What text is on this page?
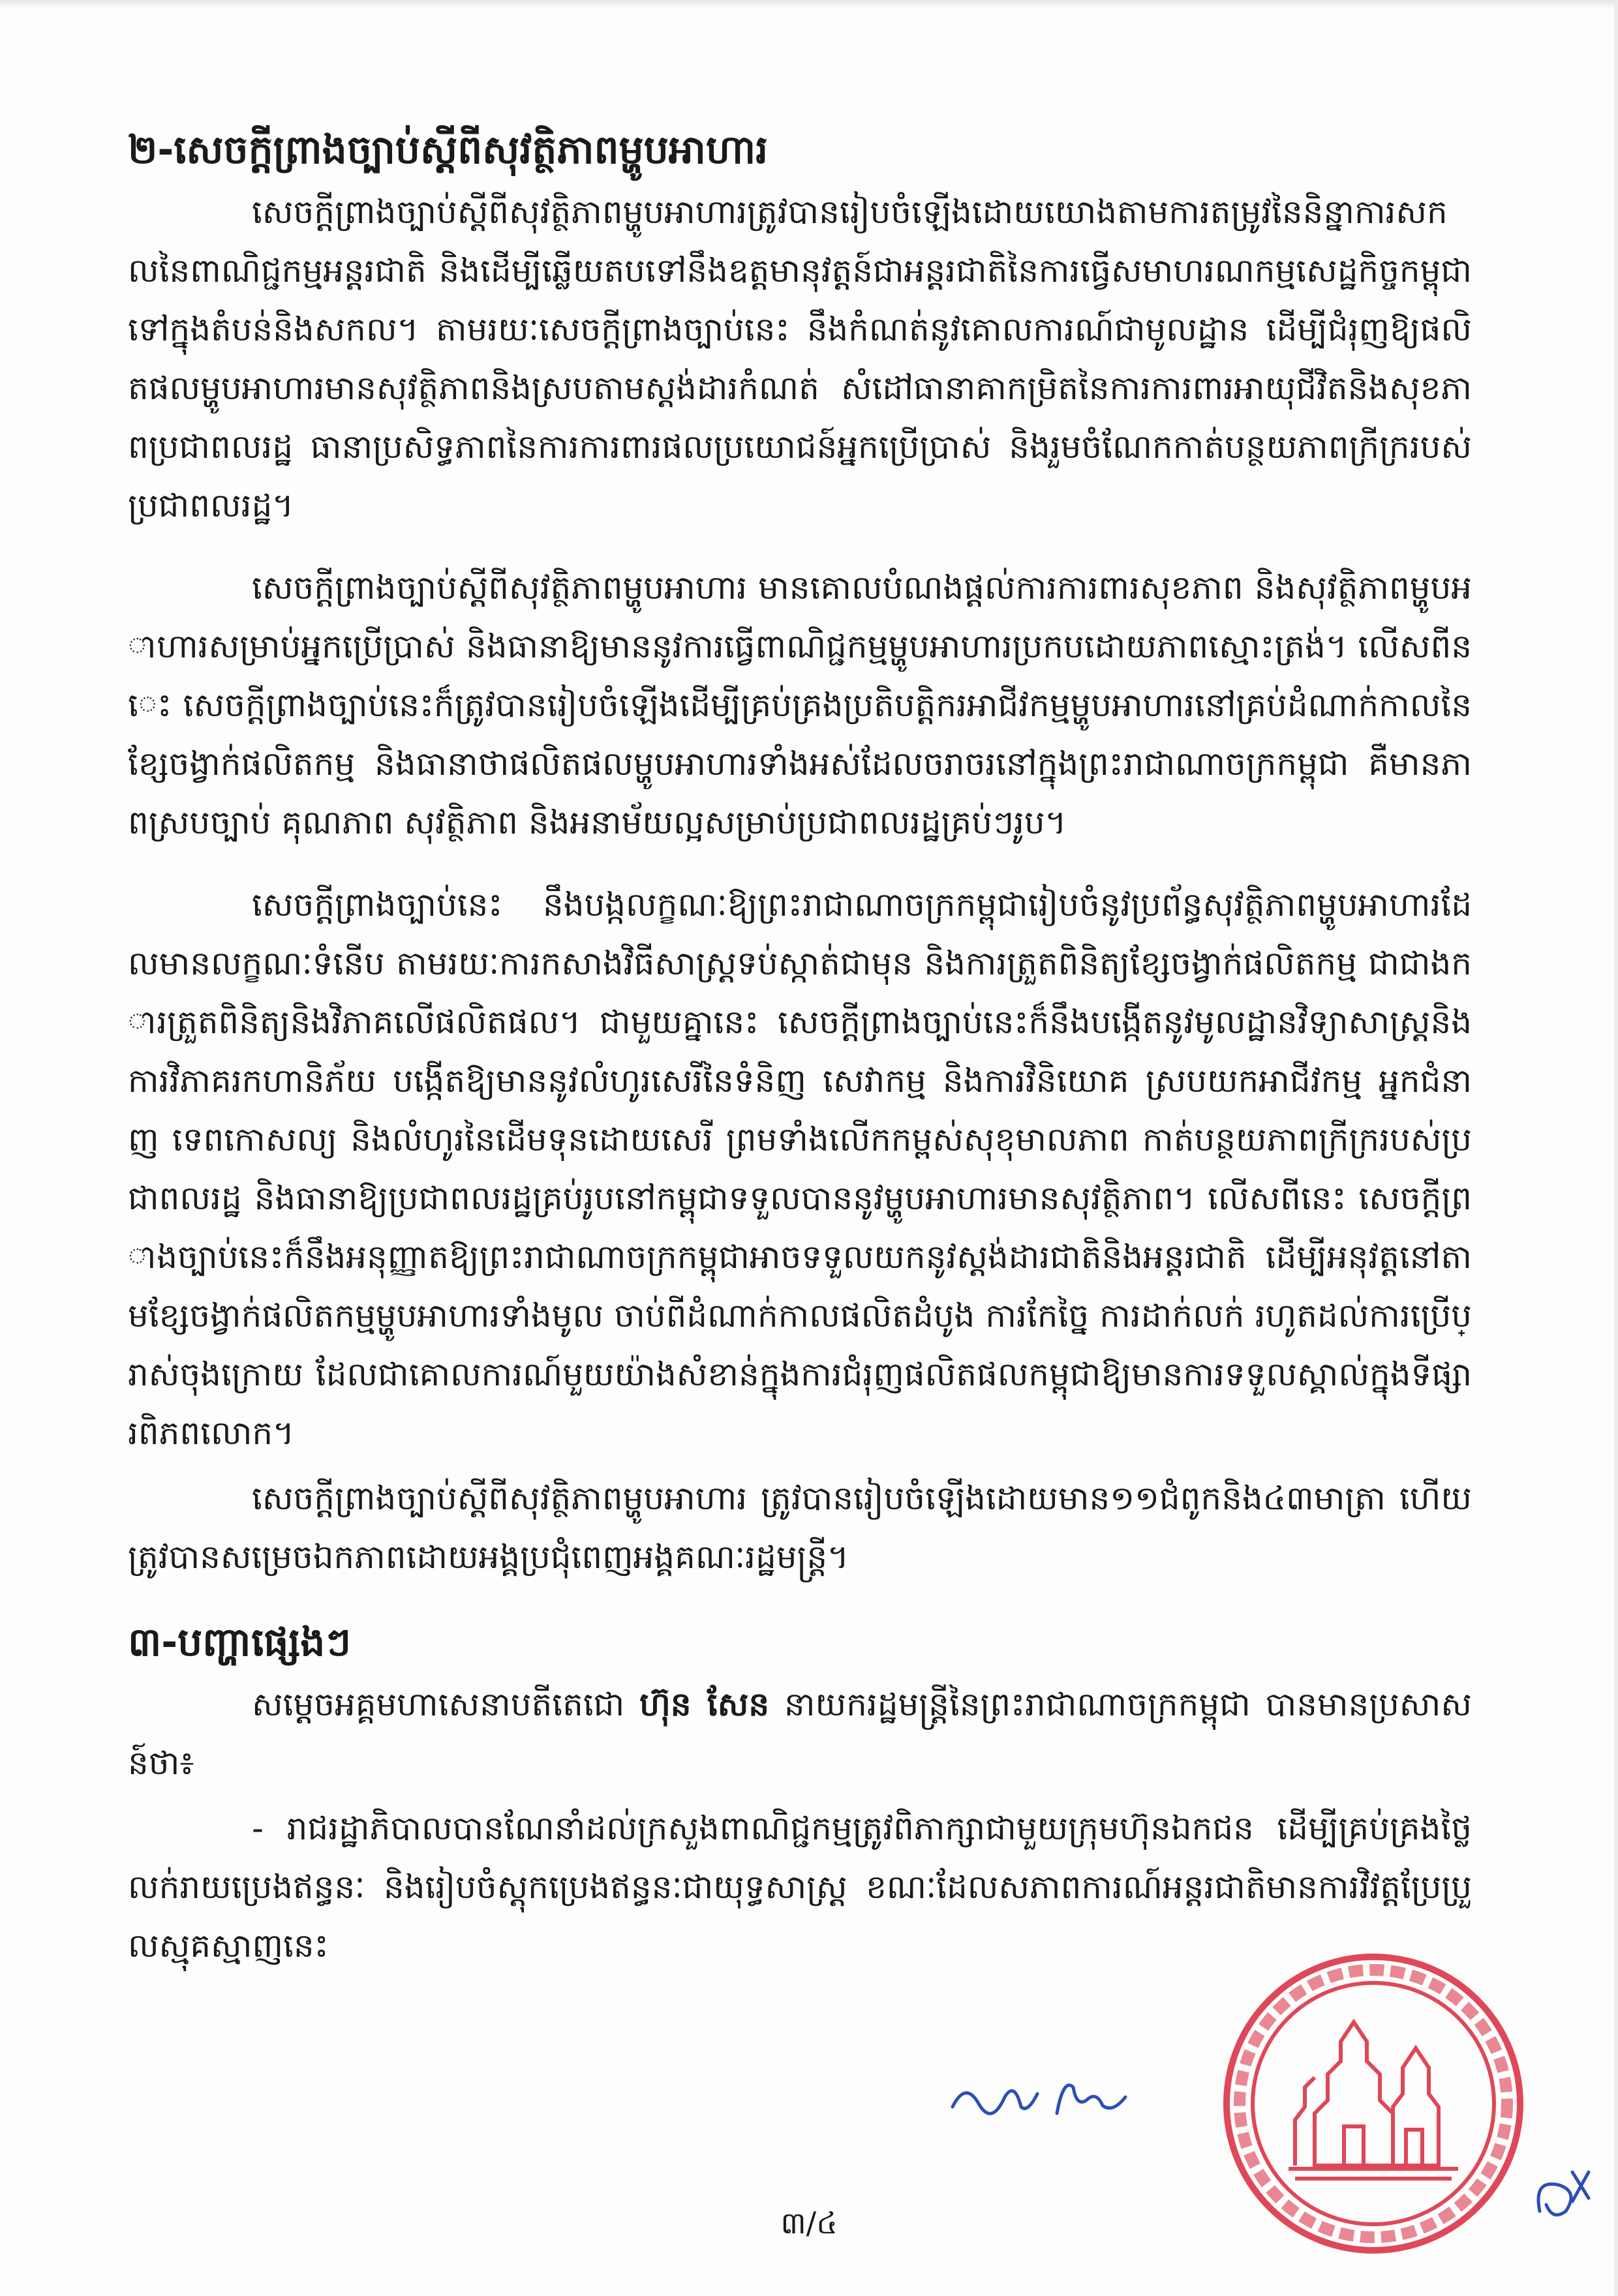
២-សេចក្តីព្រាងច្បាប់ស្តីពីសុវត្ថិភាពម្ហូបអាហារ

សេចក្តីព្រាងច្បាប់ស្តីពីសុវត្ថិភាពម្ហូបអាហារត្រូវបានរៀបចំឡើងដោយយោងតាមការតម្រូវនៃនិន្នាការសកលនៃពាណិជ្ជកម្មអន្តរជាតិ និងដើម្បីឆ្លើយតបទៅនឹងឧត្តមានុវត្តន៍ជាអន្តរជាតិនៃការធ្វើសមាហរណកម្មសេដ្ឋកិច្ចកម្ពុជាទៅក្នុងតំបន់និងសកល។ តាមរយៈសេចក្តីព្រាងច្បាប់នេះ នឹងកំណត់នូវគោលការណ៍ជាមូលដ្ឋាន ដើម្បីជំរុញឱ្យផលិតផលម្ហូបអាហារមានសុវត្ថិភាពនិងស្របតាមស្តង់ដារកំណត់ សំដៅធានាគាកម្រិតនៃការការពារអាយុជីវិតនិងសុខភាពប្រជាពលរដ្ឋ ធានាប្រសិទ្ធភាពនៃការការពារផលប្រយោជន៍អ្នកប្រើប្រាស់ និងរួមចំណែកកាត់បន្ថយភាពក្រីក្ររបស់ប្រជាពលរដ្ឋ។

សេចក្តីព្រាងច្បាប់ស្តីពីសុវត្ថិភាពម្ហូបអាហារ មានគោលបំណងផ្តល់ការការពារសុខភាព និងសុវត្ថិភាពម្ហូបអាហារសម្រាប់អ្នកប្រើប្រាស់ និងធានាឱ្យមាននូវការធ្វើពាណិជ្ជកម្មម្ហូបអាហារប្រកបដោយភាពស្មោះត្រង់។ លើសពីនេះ សេចក្តីព្រាងច្បាប់នេះក៏ត្រូវបានរៀបចំឡើងដើម្បីគ្រប់គ្រងប្រតិបត្តិករអាជីវកម្មម្ហូបអាហារនៅគ្រប់ដំណាក់កាលនៃខ្សែចង្វាក់ផលិតកម្ម និងធានាថាផលិតផលម្ហូបអាហារទាំងអស់ដែលចរាចរនៅក្នុងព្រះរាជាណាចក្រកម្ពុជា គឺមានភាពស្របច្បាប់ គុណភាព សុវត្ថិភាព និងអនាម័យល្អសម្រាប់ប្រជាពលរដ្ឋគ្រប់ៗរូប។

សេចក្តីព្រាងច្បាប់នេះ នឹងបង្កលក្ខណៈឱ្យព្រះរាជាណាចក្រកម្ពុជារៀបចំនូវប្រព័ន្ធសុវត្ថិភាពម្ហូបអាហារដែលមានលក្ខណៈទំនើប តាមរយៈការកសាងវិធីសាស្ត្រទប់ស្កាត់ជាមុន និងការត្រួតពិនិត្យខ្សែចង្វាក់ផលិតកម្ម ជាជាងការត្រួតពិនិត្យនិងវិភាគលើផលិតផល។ ជាមួយគ្នានេះ សេចក្តីព្រាងច្បាប់នេះក៏នឹងបង្កើតនូវមូលដ្ឋានវិទ្យាសាស្ត្រនិងការវិភាគរកហានិភ័យ បង្កើតឱ្យមាននូវលំហូរសេរីនៃទំនិញ សេវាកម្ម និងការវិនិយោគ ស្របយកអាជីវកម្ម អ្នកជំនាញ ទេពកោសល្យ និងលំហូរនៃដើមទុនដោយសេរី ព្រមទាំងលើកកម្ពស់សុខុមាលភាព កាត់បន្ថយភាពក្រីក្ររបស់ប្រជាពលរដ្ឋ និងធានាឱ្យប្រជាពលរដ្ឋគ្រប់រូបនៅកម្ពុជាទទួលបាននូវម្ហូបអាហារមានសុវត្ថិភាព។ លើសពីនេះ សេចក្តីព្រាងច្បាប់នេះក៏នឹងអនុញ្ញាតឱ្យព្រះរាជាណាចក្រកម្ពុជាអាចទទួលយកនូវស្តង់ដារជាតិនិងអន្តរជាតិ ដើម្បីអនុវត្តនៅតាមខ្សែចង្វាក់ផលិតកម្មម្ហូបអាហារទាំងមូល ចាប់ពីដំណាក់កាលផលិតដំបូង ការកែច្នៃ ការដាក់លក់ រហូតដល់ការប្រើប្រាស់ចុងក្រោយ ដែលជាគោលការណ៍មួយយ៉ាងសំខាន់ក្នុងការជំរុញផលិតផលកម្ពុជាឱ្យមានការទទួលស្គាល់ក្នុងទីផ្សារពិភពលោក។

សេចក្តីព្រាងច្បាប់ស្តីពីសុវត្ថិភាពម្ហូបអាហារ ត្រូវបានរៀបចំឡើងដោយមាន១១ជំពូកនិង៤៣មាត្រា ហើយត្រូវបានសម្រេចឯកភាពដោយអង្គប្រជុំពេញអង្គគណៈរដ្ឋមន្ត្រី។

៣-បញ្ហាផ្សេងៗ

សម្តេចអគ្គមហាសេនាបតីតេជោ ហ៊ុន សែន នាយករដ្ឋមន្ត្រីនៃព្រះរាជាណាចក្រកម្ពុជា បានមានប្រសាសន៍ថា៖

- រាជរដ្ឋាភិបាលបានណែនាំដល់ក្រសួងពាណិជ្ជកម្មត្រូវពិភាក្សាជាមួយក្រុមហ៊ុនឯកជន ដើម្បីគ្រប់គ្រងថ្លៃលក់រាយប្រេងឥន្ធនៈ និងរៀបចំស្តុកប្រេងឥន្ធនៈជាយុទ្ធសាស្ត្រ ខណៈដែលសភាពការណ៍អន្តរជាតិមានការវិវត្តប្រែប្រួលស្មុគស្មាញនេះ

៣/៤
